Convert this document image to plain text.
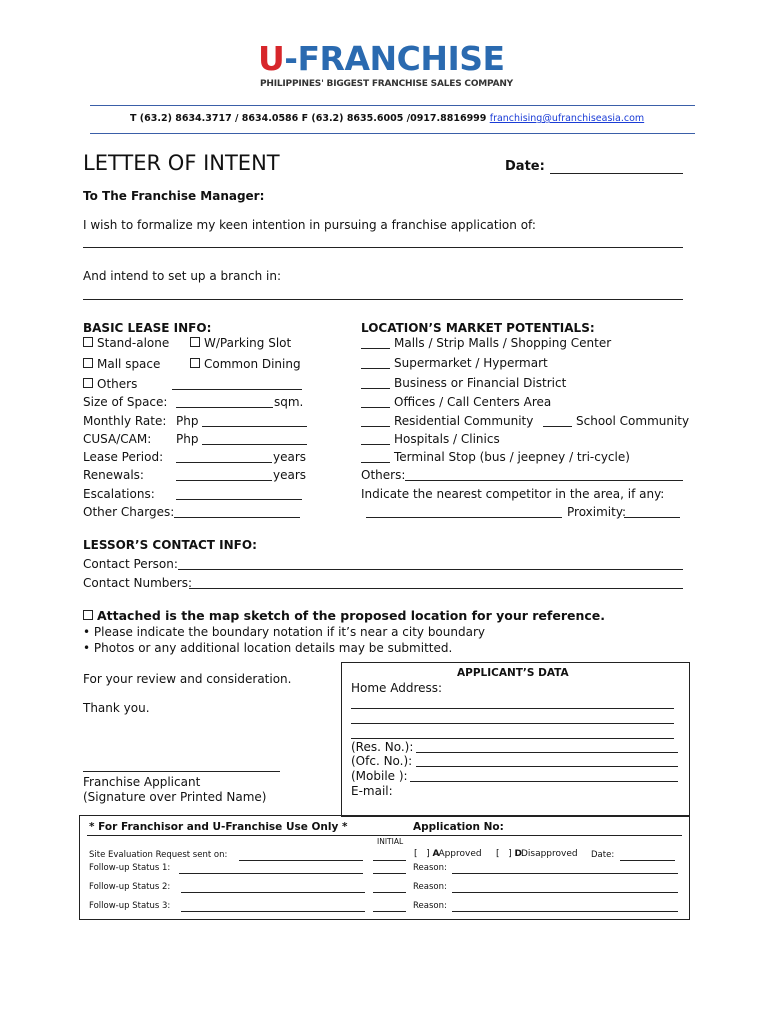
U-FRANCHISE
PHILIPPINES' BIGGEST FRANCHISE SALES COMPANY
T (63.2) 8634.3717 / 8634.0586 F (63.2) 8635.6005 /0917.8816999 franchising@ufranchiseasia.com
LETTER OF INTENT	Date:
To The Franchise Manager:
I wish to formalize my keen intention in pursuing a franchise application of:
And intend to set up a branch in:
BASIC LEASE INFO:
Stand-alone	W/Parking Slot
Mall space	Common Dining
Others
Size of Space:	sqm.
Monthly Rate: Php
CUSA/CAM: Php
Lease Period:	years
Renewals:	years
Escalations:
Other Charges:
LOCATION’S MARKET POTENTIALS:
Malls / Strip Malls / Shopping Center
Supermarket / Hypermart
Business or Financial District
Offices / Call Centers Area
Residential Community	School Community
Hospitals / Clinics
Terminal Stop (bus / jeepney / tri-cycle)
Others:
Indicate the nearest competitor in the area, if any:
Proximity:
LESSOR’S CONTACT INFO:
Contact Person:
Contact Numbers:
Attached is the map sketch of the proposed location for your reference.
• Please indicate the boundary notation if it’s near a city boundary
• Photos or any additional location details may be submitted.
For your review and consideration.
Thank you.
Franchise Applicant
(Signature over Printed Name)
APPLICANT’S DATA
Home Address:
(Res. No.):
(Ofc. No.):
(Mobile ):
E-mail:
* For Franchisor and U-Franchise Use Only *	Application No:
INITIAL
Site Evaluation Request sent on:	[   ] AApproved [   ] DDisapproved Date:
Follow-up Status 1:	Reason:
Follow-up Status 2:	Reason:
Follow-up Status 3:	Reason:
